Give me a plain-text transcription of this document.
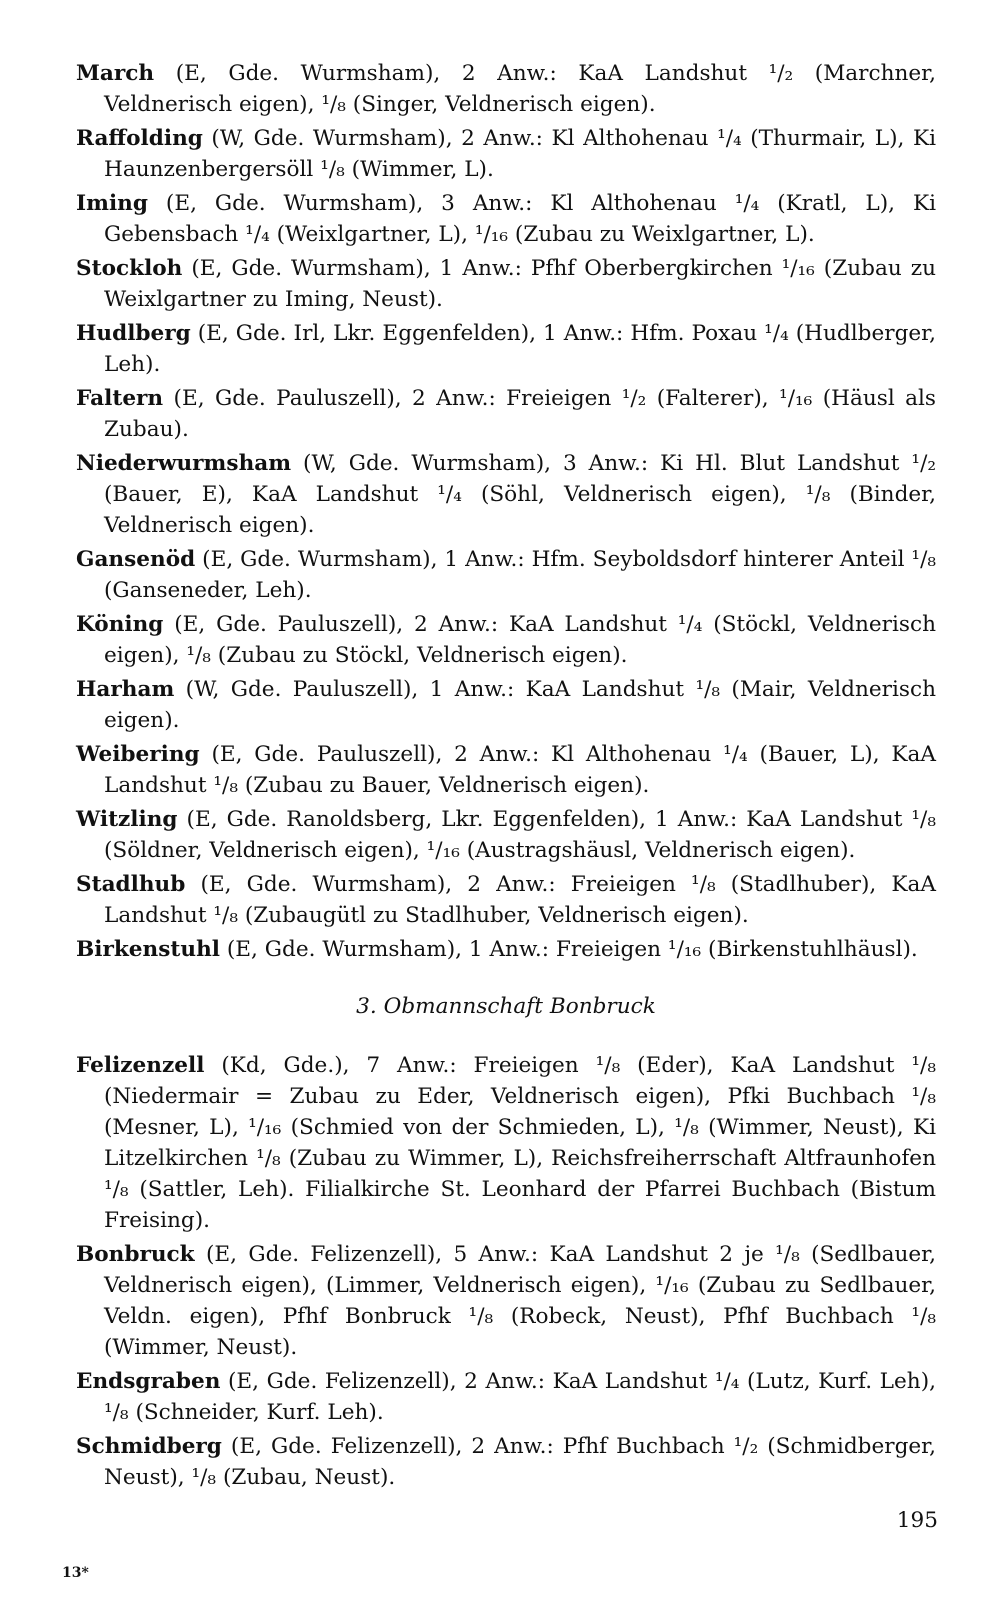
March (E, Gde. Wurmsham), 2 Anw.: KaA Landshut ¹/₂ (Marchner, Veldnerisch eigen), ¹/₈ (Singer, Veldnerisch eigen).

Raffolding (W, Gde. Wurmsham), 2 Anw.: Kl Althohenau ¹/₄ (Thurmair, L), Ki Haunzenbergersöll ¹/₈ (Wimmer, L).

Iming (E, Gde. Wurmsham), 3 Anw.: Kl Althohenau ¹/₄ (Kratl, L), Ki Gebensbach ¹/₄ (Weixlgartner, L), ¹/₁₆ (Zubau zu Weixlgartner, L).

Stockloh (E, Gde. Wurmsham), 1 Anw.: Pfhf Oberbergkirchen ¹/₁₆ (Zubau zu Weixlgartner zu Iming, Neust).

Hudlberg (E, Gde. Irl, Lkr. Eggenfelden), 1 Anw.: Hfm. Poxau ¹/₄ (Hudlberger, Leh).

Faltern (E, Gde. Pauluszell), 2 Anw.: Freieigen ¹/₂ (Falterer), ¹/₁₆ (Häusl als Zubau).

Niederwurmsham (W, Gde. Wurmsham), 3 Anw.: Ki Hl. Blut Landshut ¹/₂ (Bauer, E), KaA Landshut ¹/₄ (Söhl, Veldnerisch eigen), ¹/₈ (Binder, Veldnerisch eigen).

Gansenöd (E, Gde. Wurmsham), 1 Anw.: Hfm. Seyboldsdorf hinterer Anteil ¹/₈ (Ganseneder, Leh).

Köning (E, Gde. Pauluszell), 2 Anw.: KaA Landshut ¹/₄ (Stöckl, Veldnerisch eigen), ¹/₈ (Zubau zu Stöckl, Veldnerisch eigen).

Harham (W, Gde. Pauluszell), 1 Anw.: KaA Landshut ¹/₈ (Mair, Veldnerisch eigen).

Weibering (E, Gde. Pauluszell), 2 Anw.: Kl Althohenau ¹/₄ (Bauer, L), KaA Landshut ¹/₈ (Zubau zu Bauer, Veldnerisch eigen).

Witzling (E, Gde. Ranoldsberg, Lkr. Eggenfelden), 1 Anw.: KaA Landshut ¹/₈ (Söldner, Veldnerisch eigen), ¹/₁₆ (Austragshäusl, Veldnerisch eigen).

Stadlhub (E, Gde. Wurmsham), 2 Anw.: Freieigen ¹/₈ (Stadlhuber), KaA Landshut ¹/₈ (Zubaugütl zu Stadlhuber, Veldnerisch eigen).

Birkenstuhl (E, Gde. Wurmsham), 1 Anw.: Freieigen ¹/₁₆ (Birkenstuhlhäusl).

3. Obmannschaft Bonbruck

Felizenzell (Kd, Gde.), 7 Anw.: Freieigen ¹/₈ (Eder), KaA Landshut ¹/₈ (Niedermair = Zubau zu Eder, Veldnerisch eigen), Pfki Buchbach ¹/₈ (Mesner, L), ¹/₁₆ (Schmied von der Schmieden, L), ¹/₈ (Wimmer, Neust), Ki Litzelkirchen ¹/₈ (Zubau zu Wimmer, L), Reichsfreiherrschaft Altfraunhofen ¹/₈ (Sattler, Leh). Filialkirche St. Leonhard der Pfarrei Buchbach (Bistum Freising).

Bonbruck (E, Gde. Felizenzell), 5 Anw.: KaA Landshut 2 je ¹/₈ (Sedlbauer, Veldnerisch eigen), (Limmer, Veldnerisch eigen), ¹/₁₆ (Zubau zu Sedlbauer, Veldn. eigen), Pfhf Bonbruck ¹/₈ (Robeck, Neust), Pfhf Buchbach ¹/₈ (Wimmer, Neust).

Endsgraben (E, Gde. Felizenzell), 2 Anw.: KaA Landshut ¹/₄ (Lutz, Kurf. Leh), ¹/₈ (Schneider, Kurf. Leh).

Schmidberg (E, Gde. Felizenzell), 2 Anw.: Pfhf Buchbach ¹/₂ (Schmidberger, Neust), ¹/₈ (Zubau, Neust).

195
13*
